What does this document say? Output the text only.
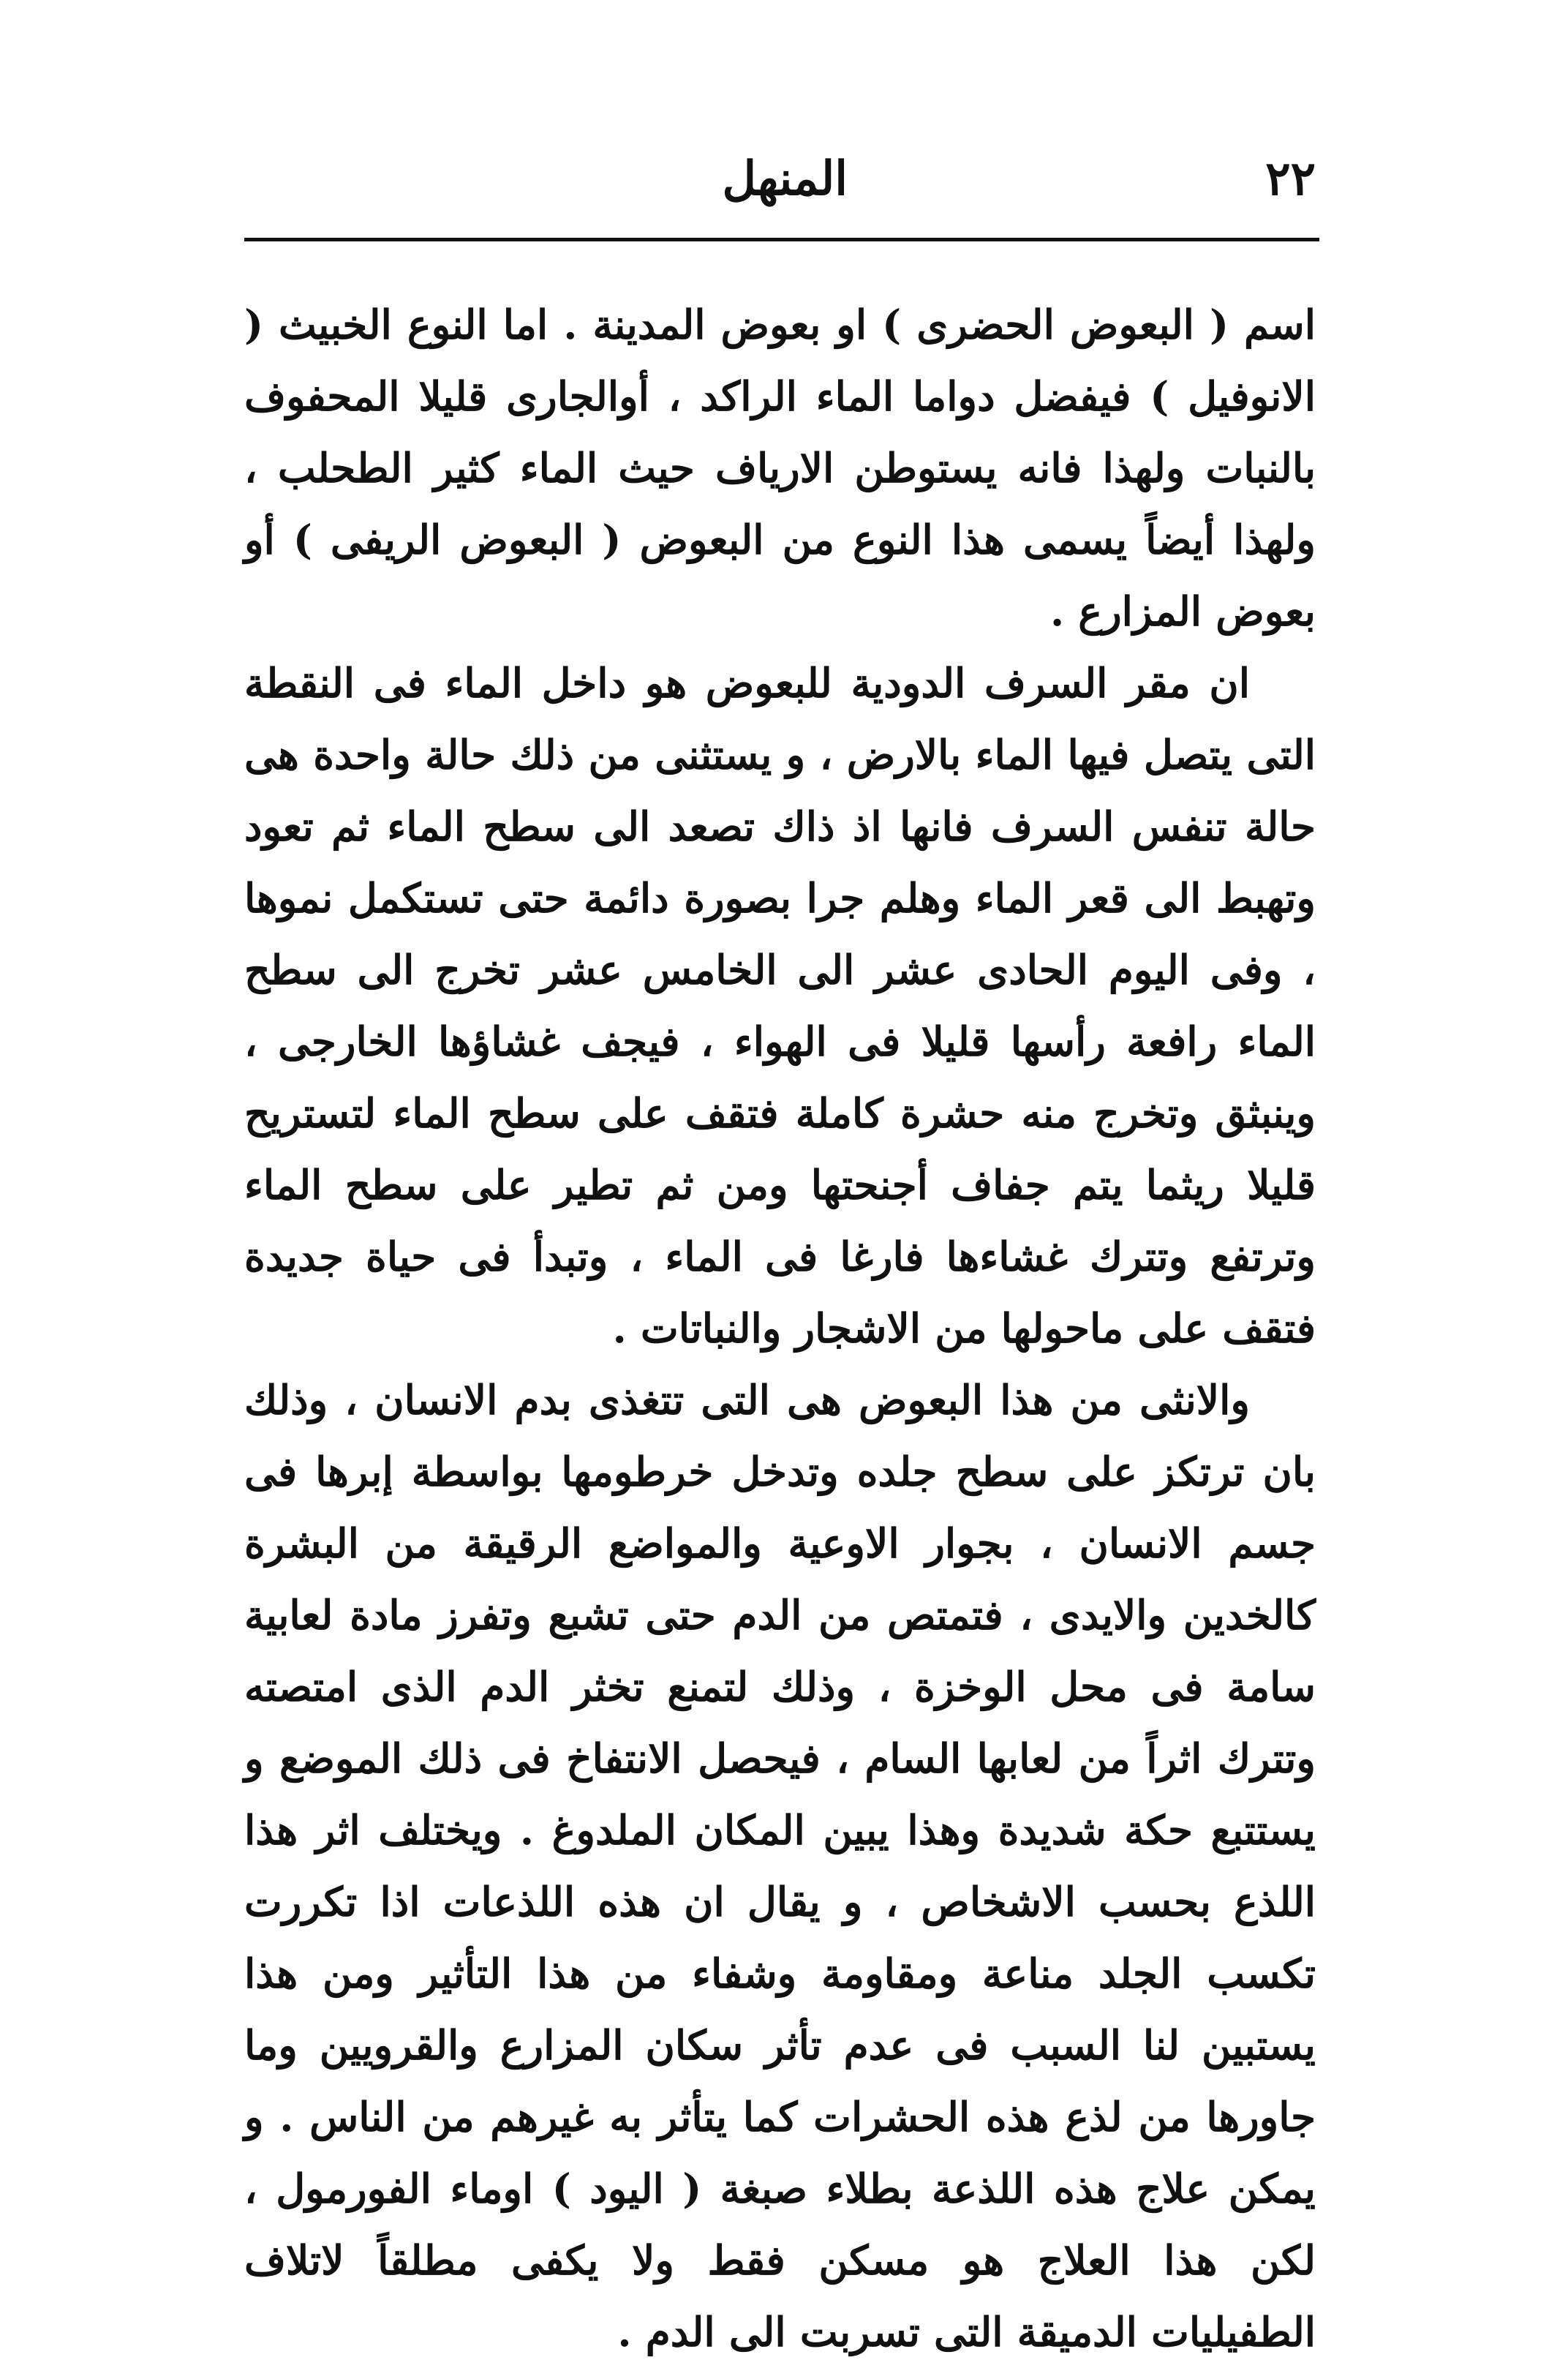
٢٢
المنهل

اسم ( البعوض الحضرى ) او بعوض المدينة . اما النوع الخبيث ( الانوفيل ) فيفضل دواما الماء الراكد ، أوالجارى قليلا المحفوف بالنبات ولهذا فانه يستوطن الارياف حيث الماء كثير الطحلب ، ولهذا أيضاً يسمى هذا النوع من البعوض ( البعوض الريفى ) أو بعوض المزارع .

ان مقر السرف الدودية للبعوض هو داخل الماء فى النقطة التى يتصل فيها الماء بالارض ، و يستثنى من ذلك حالة واحدة هى حالة تنفس السرف فانها اذ ذاك تصعد الى سطح الماء ثم تعود وتهبط الى قعر الماء وهلم جرا بصورة دائمة حتى تستكمل نموها ، وفى اليوم الحادى عشر الى الخامس عشر تخرج الى سطح الماء رافعة رأسها قليلا فى الهواء ، فيجف غشاؤها الخارجى ، وينبثق وتخرج منه حشرة كاملة فتقف على سطح الماء لتستريح قليلا ريثما يتم جفاف أجنحتها ومن ثم تطير على سطح الماء وترتفع وتترك غشاءها فارغا فى الماء ، وتبدأ فى حياة جديدة فتقف على ماحولها من الاشجار والنباتات .

والانثى من هذا البعوض هى التى تتغذى بدم الانسان ، وذلك بان ترتكز على سطح جلده وتدخل خرطومها بواسطة إبرها فى جسم الانسان ، بجوار الاوعية والمواضع الرقيقة من البشرة كالخدين والايدى ، فتمتص من الدم حتى تشبع وتفرز مادة لعابية سامة فى محل الوخزة ، وذلك لتمنع تخثر الدم الذى امتصته وتترك اثراً من لعابها السام ، فيحصل الانتفاخ فى ذلك الموضع و يستتبع حكة شديدة وهذا يبين المكان الملدوغ . ويختلف اثر هذا اللذع بحسب الاشخاص ، و يقال ان هذه اللذعات اذا تكررت تكسب الجلد مناعة ومقاومة وشفاء من هذا التأثير ومن هذا يستبين لنا السبب فى عدم تأثر سكان المزارع والقرويين وما جاورها من لذع هذه الحشرات كما يتأثر به غيرهم من الناس . و يمكن علاج هذه اللذعة بطلاء صبغة ( اليود ) اوماء الفورمول ، لكن هذا العلاج هو مسكن فقط ولا يكفى مطلقاً لاتلاف الطفيليات الدميقة التى تسربت الى الدم .
